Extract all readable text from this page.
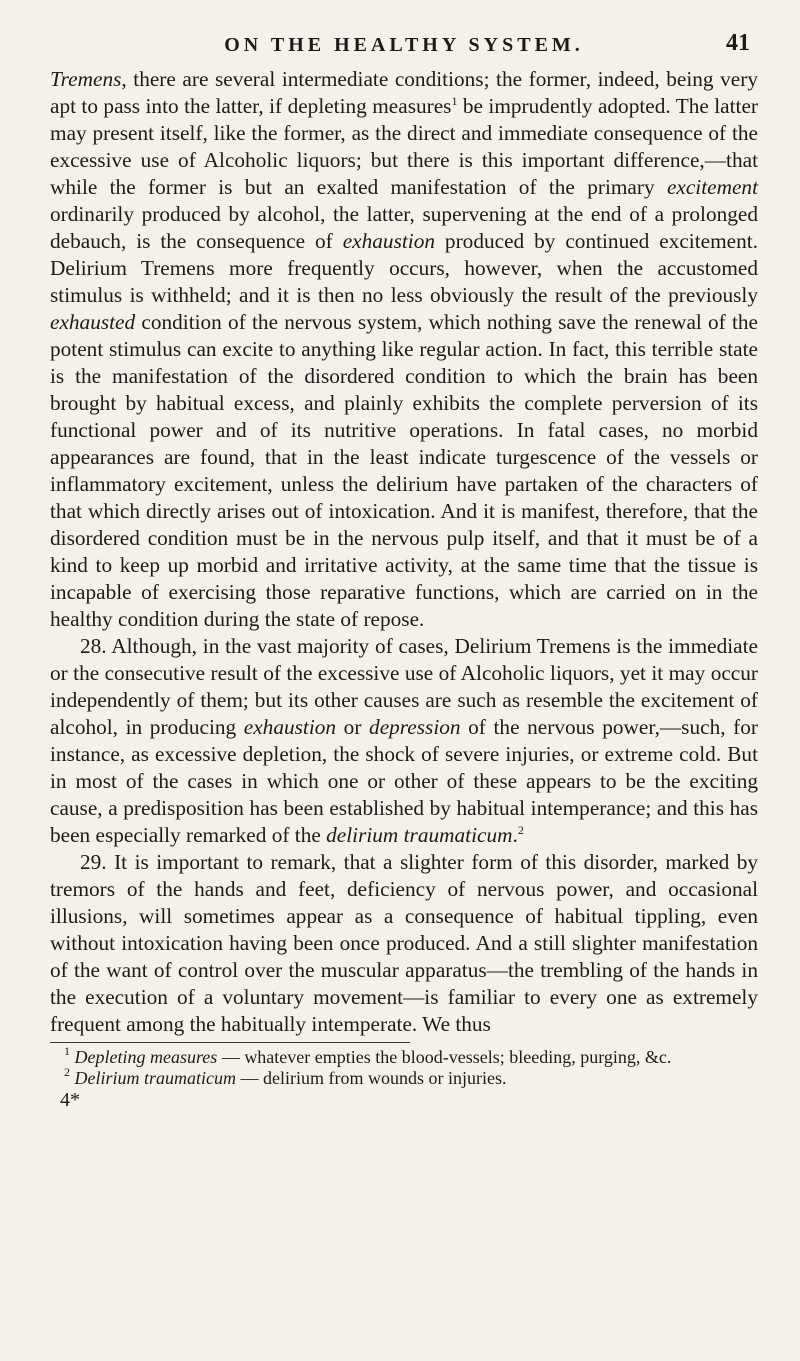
ON THE HEALTHY SYSTEM.	41

Tremens, there are several intermediate conditions; the former, indeed, being very apt to pass into the latter, if depleting measures$^1$ be imprudently adopted. The latter may present itself, like the former, as the direct and immediate consequence of the excessive use of Alcoholic liquors; but there is this important difference,—that while the former is but an exalted manifestation of the primary excitement ordinarily produced by alcohol, the latter, supervening at the end of a prolonged debauch, is the consequence of exhaustion produced by continued excitement. Delirium Tremens more frequently occurs, however, when the accustomed stimulus is withheld; and it is then no less obviously the result of the previously exhausted condition of the nervous system, which nothing save the renewal of the potent stimulus can excite to anything like regular action. In fact, this terrible state is the manifestation of the disordered condition to which the brain has been brought by habitual excess, and plainly exhibits the complete perversion of its functional power and of its nutritive operations. In fatal cases, no morbid appearances are found, that in the least indicate turgescence of the vessels or inflammatory excitement, unless the delirium have partaken of the characters of that which directly arises out of intoxication. And it is manifest, therefore, that the disordered condition must be in the nervous pulp itself, and that it must be of a kind to keep up morbid and irritative activity, at the same time that the tissue is incapable of exercising those reparative functions, which are carried on in the healthy condition during the state of repose.

28. Although, in the vast majority of cases, Delirium Tremens is the immediate or the consecutive result of the excessive use of Alcoholic liquors, yet it may occur independently of them; but its other causes are such as resemble the excitement of alcohol, in producing exhaustion or depression of the nervous power,—such, for instance, as excessive depletion, the shock of severe injuries, or extreme cold. But in most of the cases in which one or other of these appears to be the exciting cause, a predisposition has been established by habitual intemperance; and this has been especially remarked of the delirium traumaticum.$^2$

29. It is important to remark, that a slighter form of this disorder, marked by tremors of the hands and feet, deficiency of nervous power, and occasional illusions, will sometimes appear as a consequence of habitual tippling, even without intoxication having been once produced. And a still slighter manifestation of the want of control over the muscular apparatus—the trembling of the hands in the execution of a voluntary movement—is familiar to every one as extremely frequent among the habitually intemperate. We thus

$^1$ Depleting measures — whatever empties the blood-vessels; bleeding, purging, &c.

$^2$ Delirium traumaticum — delirium from wounds or injuries.

4*
